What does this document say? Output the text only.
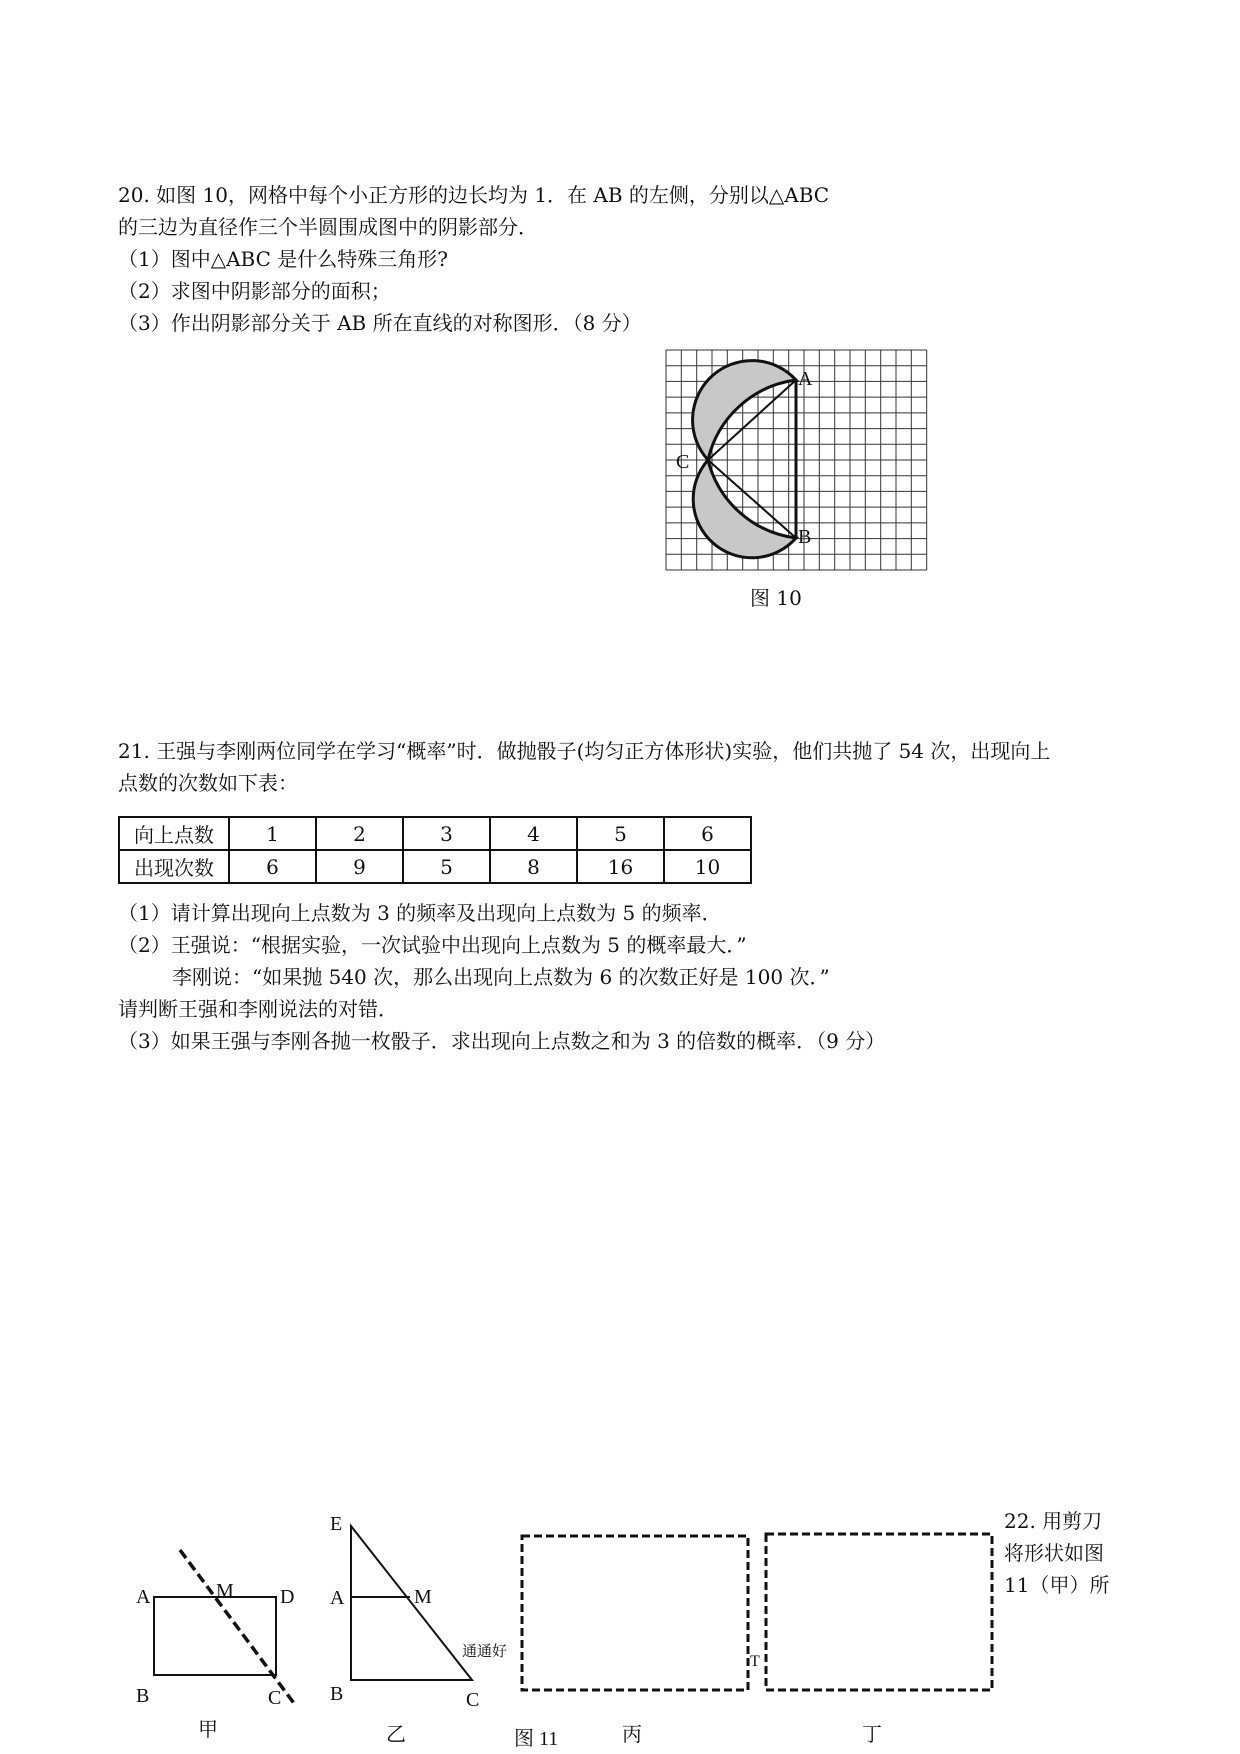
20. 如图 10，网格中每个小正方形的边长均为 1．在 AB 的左侧，分别以△ABC
的三边为直径作三个半圆围成图中的阴影部分．
（1）图中△ABC 是什么特殊三角形?
（2）求图中阴影部分的面积；
（3）作出阴影部分关于 AB 所在直线的对称图形．（8 分）
A
B
C
图 10
21. 王强与李刚两位同学在学习“概率”时．做抛骰子(均匀正方体形状)实验，他们共抛了 54 次，出现向上
点数的次数如下表：
向上点数	1	2	3	4	5	6
出现次数	6	9	5	8	16	10
（1）请计算出现向上点数为 3 的频率及出现向上点数为 5 的频率．
（2）王强说：“根据实验，一次试验中出现向上点数为 5 的概率最大．”
李刚说：“如果抛 540 次，那么出现向上点数为 6 的次数正好是 100 次．”
请判断王强和李刚说法的对错．
（3）如果王强与李刚各抛一枚骰子．求出现向上点数之和为 3 的倍数的概率．（9 分）
22. 用剪刀
将形状如图
11（甲）所
A	M D
B	C
E
A	M
B	C
通通好
T
甲	乙	图 11	丙	丁
